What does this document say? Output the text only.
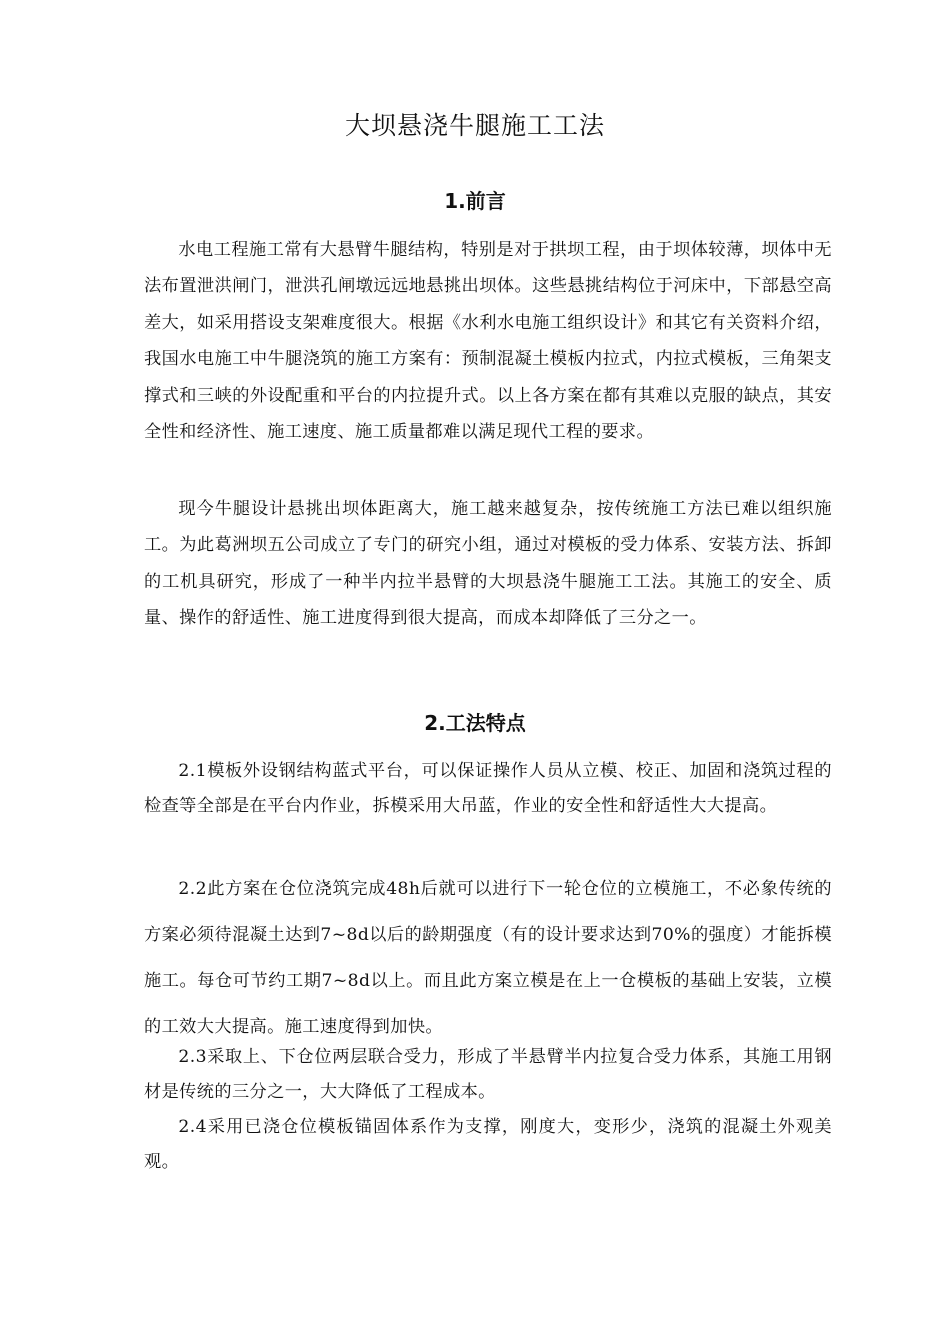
大坝悬浇牛腿施工工法
1.前言

水电工程施工常有大悬臂牛腿结构，特别是对于拱坝工程，由于坝体较薄，坝体中无法布置泄洪闸门，泄洪孔闸墩远远地悬挑出坝体。这些悬挑结构位于河床中，下部悬空高差大，如采用搭设支架难度很大。根据《水利水电施工组织设计》和其它有关资料介绍，我国水电施工中牛腿浇筑的施工方案有：预制混凝土模板内拉式，内拉式模板，三角架支撑式和三峡的外设配重和平台的内拉提升式。以上各方案在都有其难以克服的缺点，其安全性和经济性、施工速度、施工质量都难以满足现代工程的要求。

现今牛腿设计悬挑出坝体距离大，施工越来越复杂，按传统施工方法已难以组织施工。为此葛洲坝五公司成立了专门的研究小组，通过对模板的受力体系、安装方法、拆卸的工机具研究，形成了一种半内拉半悬臂的大坝悬浇牛腿施工工法。其施工的安全、质量、操作的舒适性、施工进度得到很大提高，而成本却降低了三分之一。

2.工法特点

2.1模板外设钢结构蓝式平台，可以保证操作人员从立模、校正、加固和浇筑过程的检查等全部是在平台内作业，拆模采用大吊蓝，作业的安全性和舒适性大大提高。

2.2此方案在仓位浇筑完成48h后就可以进行下一轮仓位的立模施工，不必象传统的方案必须待混凝土达到7~8d以后的龄期强度（有的设计要求达到70%的强度）才能拆模施工。每仓可节约工期7~8d以上。而且此方案立模是在上一仓模板的基础上安装，立模的工效大大提高。施工速度得到加快。

2.3采取上、下仓位两层联合受力，形成了半悬臂半内拉复合受力体系，其施工用钢材是传统的三分之一，大大降低了工程成本。

2.4采用已浇仓位模板锚固体系作为支撑，刚度大，变形少，浇筑的混凝土外观美观。
